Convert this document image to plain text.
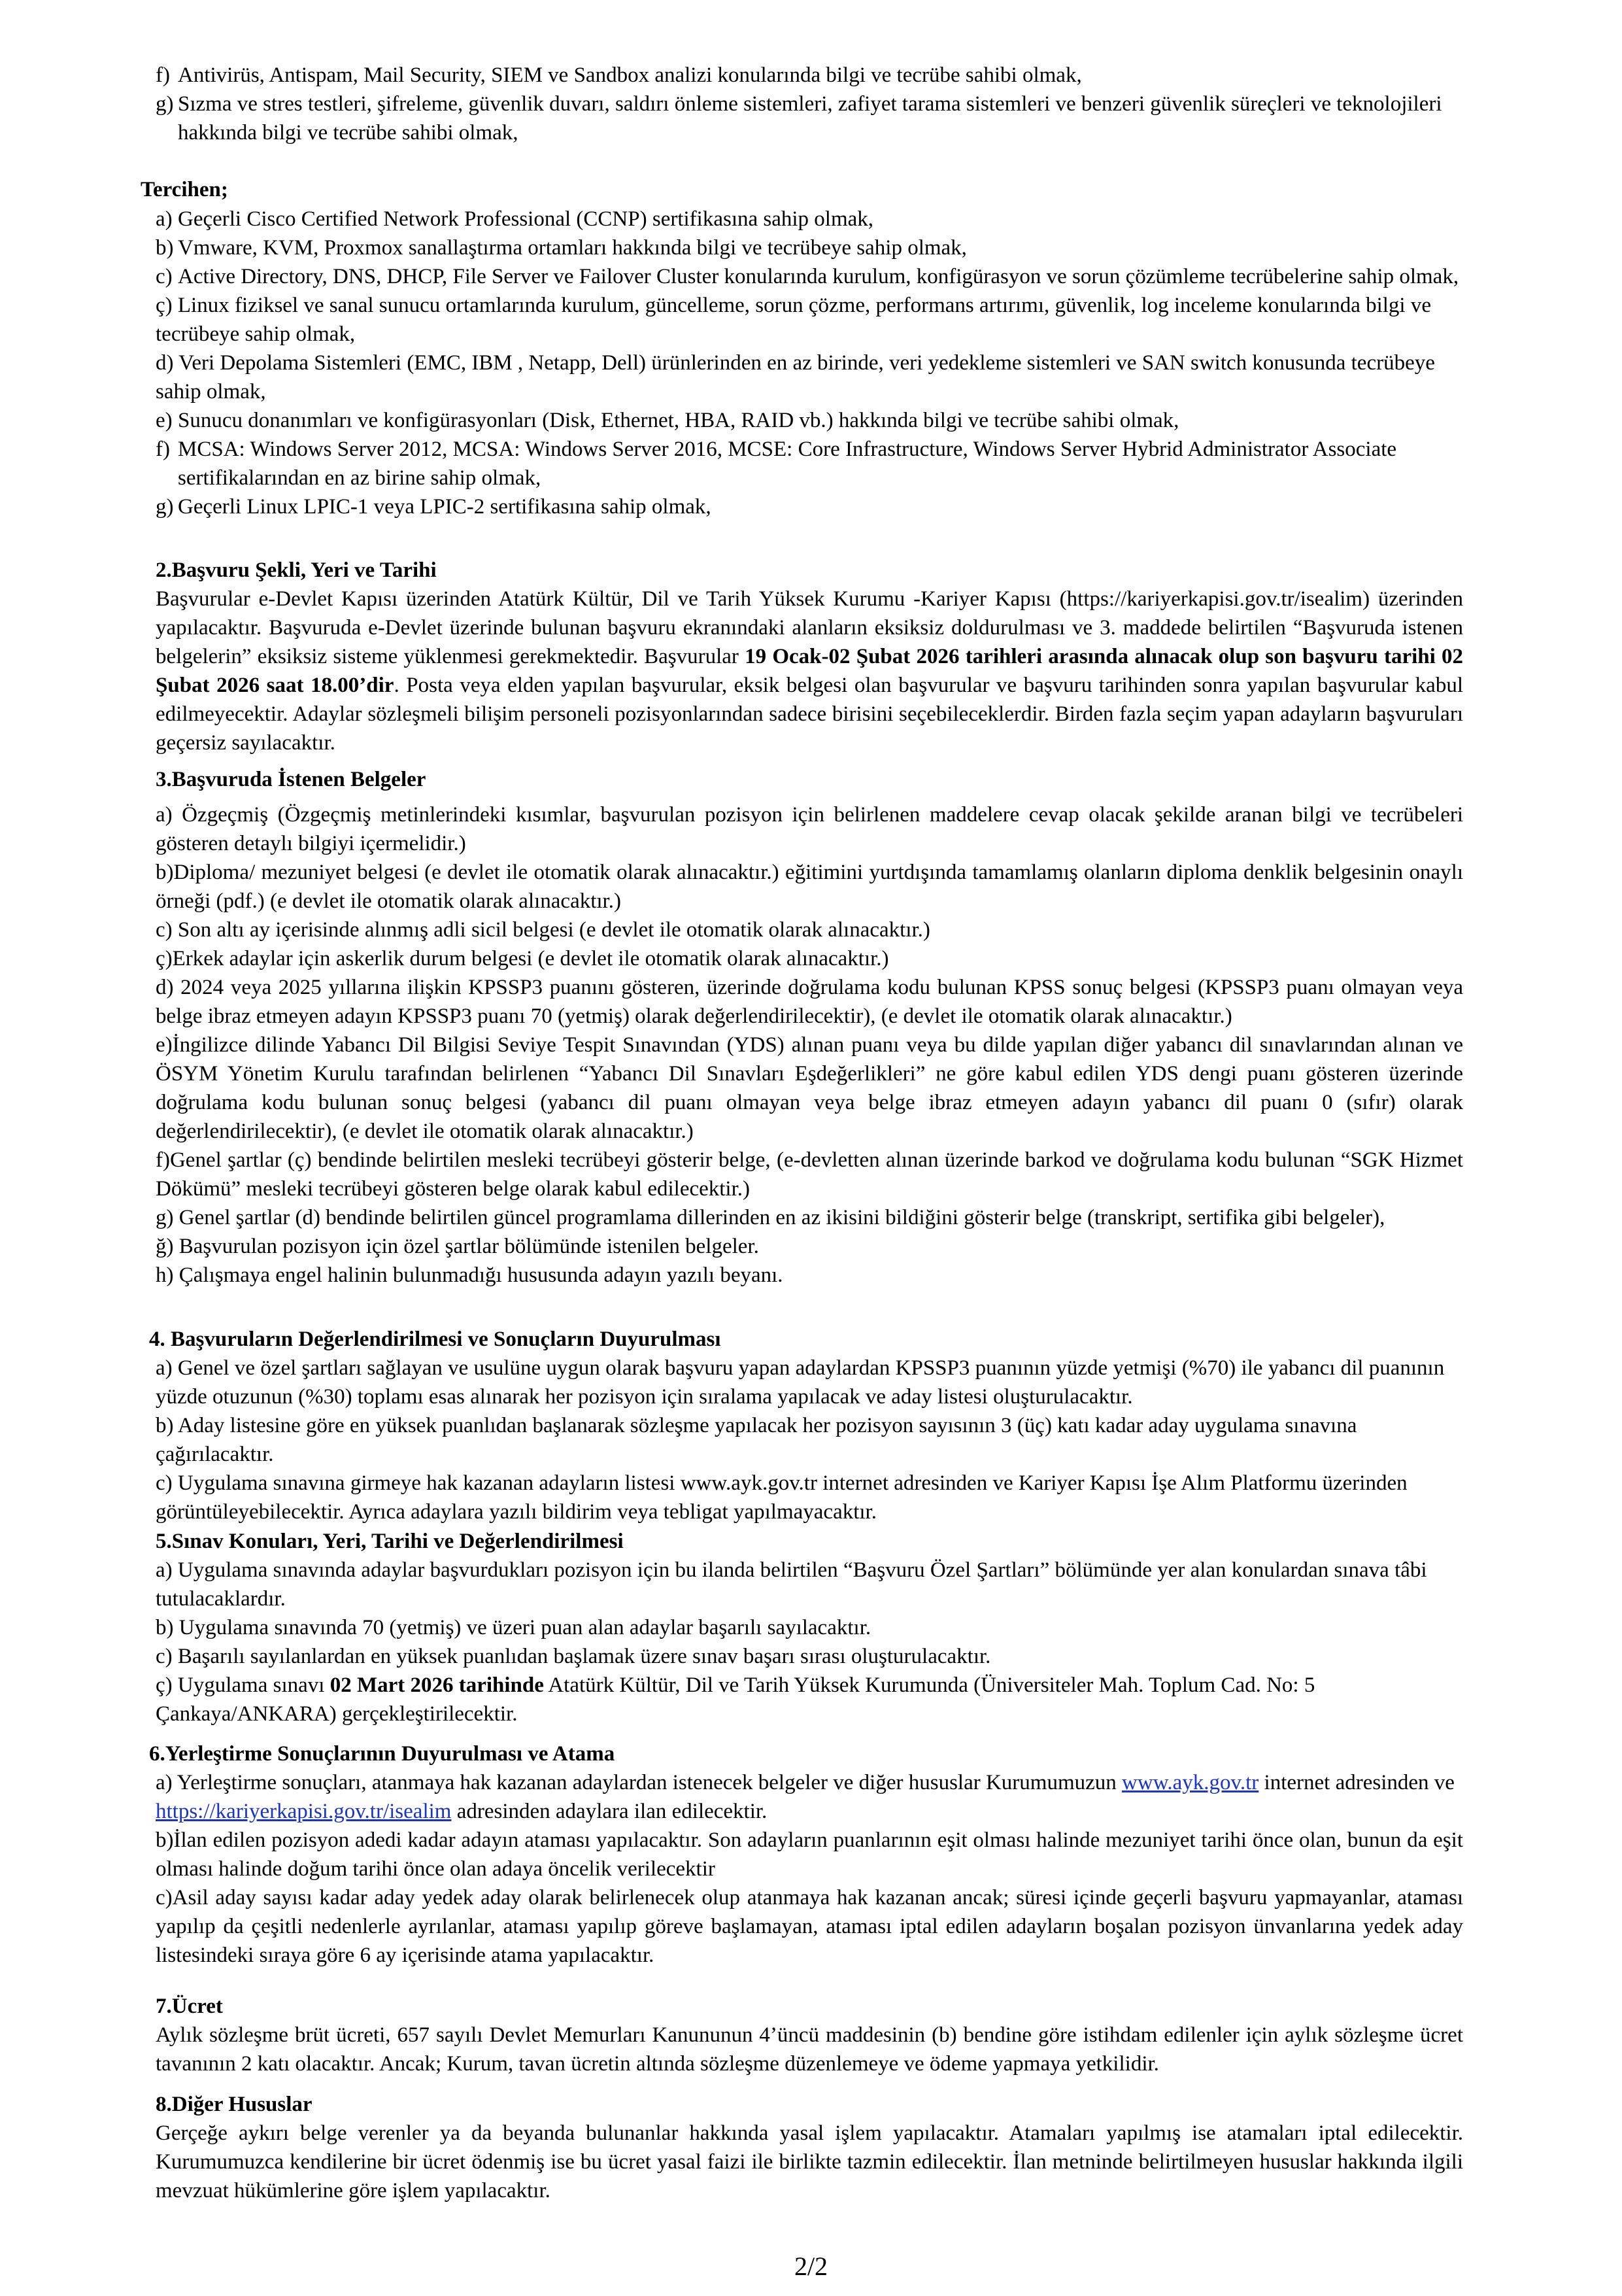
f) Antivirüs, Antispam, Mail Security, SIEM ve Sandbox analizi konularında bilgi ve tecrübe sahibi olmak,
g) Sızma ve stres testleri, şifreleme, güvenlik duvarı, saldırı önleme sistemleri, zafiyet tarama sistemleri ve benzeri güvenlik süreçleri ve teknolojileri hakkında bilgi ve tecrübe sahibi olmak,
Tercihen;
a) Geçerli Cisco Certified Network Professional (CCNP) sertifikasına sahip olmak,
b) Vmware, KVM, Proxmox sanallaştırma ortamları hakkında bilgi ve tecrübeye sahip olmak,
c) Active Directory, DNS, DHCP, File Server ve Failover Cluster konularında kurulum, konfigürasyon ve sorun çözümleme tecrübelerine sahip olmak,
ç) Linux fiziksel ve sanal sunucu ortamlarında kurulum, güncelleme, sorun çözme, performans artırımı, güvenlik, log inceleme konularında bilgi ve tecrübeye sahip olmak,
d) Veri Depolama Sistemleri (EMC, IBM , Netapp, Dell) ürünlerinden en az birinde, veri yedekleme sistemleri ve SAN switch konusunda tecrübeye sahip olmak,
e) Sunucu donanımları ve konfigürasyonları (Disk, Ethernet, HBA, RAID vb.) hakkında bilgi ve tecrübe sahibi olmak,
f) MCSA: Windows Server 2012, MCSA: Windows Server 2016, MCSE: Core Infrastructure, Windows Server Hybrid Administrator Associate sertifikalarından en az birine sahip olmak,
g) Geçerli Linux LPIC-1 veya LPIC-2 sertifikasına sahip olmak,
2.Başvuru Şekli, Yeri ve Tarihi
Başvurular e-Devlet Kapısı üzerinden Atatürk Kültür, Dil ve Tarih Yüksek Kurumu -Kariyer Kapısı (https://kariyerkapisi.gov.tr/isealim) üzerinden yapılacaktır. Başvuruda e-Devlet üzerinde bulunan başvuru ekranındaki alanların eksiksiz doldurulması ve 3. maddede belirtilen “Başvuruda istenen belgelerin” eksiksiz sisteme yüklenmesi gerekmektedir. Başvurular 19 Ocak-02 Şubat 2026 tarihleri arasında alınacak olup son başvuru tarihi 02 Şubat 2026 saat 18.00’dir. Posta veya elden yapılan başvurular, eksik belgesi olan başvurular ve başvuru tarihinden sonra yapılan başvurular kabul edilmeyecektir. Adaylar sözleşmeli bilişim personeli pozisyonlarından sadece birisini seçebileceklerdir. Birden fazla seçim yapan adayların başvuruları geçersiz sayılacaktır.
3.Başvuruda İstenen Belgeler
a) Özgeçmiş (Özgeçmiş metinlerindeki kısımlar, başvurulan pozisyon için belirlenen maddelere cevap olacak şekilde aranan bilgi ve tecrübeleri gösteren detaylı bilgiyi içermelidir.)
b)Diploma/ mezuniyet belgesi (e devlet ile otomatik olarak alınacaktır.) eğitimini yurtdışında tamamlamış olanların diploma denklik belgesinin onaylı örneği (pdf.) (e devlet ile otomatik olarak alınacaktır.)
c) Son altı ay içerisinde alınmış adli sicil belgesi (e devlet ile otomatik olarak alınacaktır.)
ç)Erkek adaylar için askerlik durum belgesi (e devlet ile otomatik olarak alınacaktır.)
d) 2024 veya 2025 yıllarına ilişkin KPSSP3 puanını gösteren, üzerinde doğrulama kodu bulunan KPSS sonuç belgesi (KPSSP3 puanı olmayan veya belge ibraz etmeyen adayın KPSSP3 puanı 70 (yetmiş) olarak değerlendirilecektir), (e devlet ile otomatik olarak alınacaktır.)
e)İngilizce dilinde Yabancı Dil Bilgisi Seviye Tespit Sınavından (YDS) alınan puanı veya bu dilde yapılan diğer yabancı dil sınavlarından alınan ve ÖSYM Yönetim Kurulu tarafından belirlenen “Yabancı Dil Sınavları Eşdeğerlikleri” ne göre kabul edilen YDS dengi puanı gösteren üzerinde doğrulama kodu bulunan sonuç belgesi (yabancı dil puanı olmayan veya belge ibraz etmeyen adayın yabancı dil puanı 0 (sıfır) olarak değerlendirilecektir), (e devlet ile otomatik olarak alınacaktır.)
f)Genel şartlar (ç) bendinde belirtilen mesleki tecrübeyi gösterir belge, (e-devletten alınan üzerinde barkod ve doğrulama kodu bulunan “SGK Hizmet Dökümü” mesleki tecrübeyi gösteren belge olarak kabul edilecektir.)
g) Genel şartlar (d) bendinde belirtilen güncel programlama dillerinden en az ikisini bildiğini gösterir belge (transkript, sertifika gibi belgeler),
ğ) Başvurulan pozisyon için özel şartlar bölümünde istenilen belgeler.
h) Çalışmaya engel halinin bulunmadığı hususunda adayın yazılı beyanı.
4. Başvuruların Değerlendirilmesi ve Sonuçların Duyurulması
a) Genel ve özel şartları sağlayan ve usulüne uygun olarak başvuru yapan adaylardan KPSSP3 puanının yüzde yetmişi (%70) ile yabancı dil puanının yüzde otuzunun (%30) toplamı esas alınarak her pozisyon için sıralama yapılacak ve aday listesi oluşturulacaktır.
b) Aday listesine göre en yüksek puanlıdan başlanarak sözleşme yapılacak her pozisyon sayısının 3 (üç) katı kadar aday uygulama sınavına çağırılacaktır.
c) Uygulama sınavına girmeye hak kazanan adayların listesi www.ayk.gov.tr internet adresinden ve Kariyer Kapısı İşe Alım Platformu üzerinden görüntüleyebilecektir. Ayrıca adaylara yazılı bildirim veya tebligat yapılmayacaktır.
5.Sınav Konuları, Yeri, Tarihi ve Değerlendirilmesi
a) Uygulama sınavında adaylar başvurdukları pozisyon için bu ilanda belirtilen “Başvuru Özel Şartları” bölümünde yer alan konulardan sınava tâbi tutulacaklardır.
b) Uygulama sınavında 70 (yetmiş) ve üzeri puan alan adaylar başarılı sayılacaktır.
c) Başarılı sayılanlardan en yüksek puanlıdan başlamak üzere sınav başarı sırası oluşturulacaktır.
ç) Uygulama sınavı 02 Mart 2026 tarihinde Atatürk Kültür, Dil ve Tarih Yüksek Kurumunda (Üniversiteler Mah. Toplum Cad. No: 5 Çankaya/ANKARA) gerçekleştirilecektir.
6.Yerleştirme Sonuçlarının Duyurulması ve Atama
a) Yerleştirme sonuçları, atanmaya hak kazanan adaylardan istenecek belgeler ve diğer hususlar Kurumumuzun www.ayk.gov.tr internet adresinden ve https://kariyerkapisi.gov.tr/isealim adresinden adaylara ilan edilecektir.
b)İlan edilen pozisyon adedi kadar adayın ataması yapılacaktır. Son adayların puanlarının eşit olması halinde mezuniyet tarihi önce olan, bunun da eşit olması halinde doğum tarihi önce olan adaya öncelik verilecektir
c)Asil aday sayısı kadar aday yedek aday olarak belirlenecek olup atanmaya hak kazanan ancak; süresi içinde geçerli başvuru yapmayanlar, ataması yapılıp da çeşitli nedenlerle ayrılanlar, ataması yapılıp göreve başlamayan, ataması iptal edilen adayların boşalan pozisyon ünvanlarına yedek aday listesindeki sıraya göre 6 ay içerisinde atama yapılacaktır.
7.Ücret
Aylık sözleşme brüt ücreti, 657 sayılı Devlet Memurları Kanununun 4’üncü maddesinin (b) bendine göre istihdam edilenler için aylık sözleşme ücret tavanının 2 katı olacaktır. Ancak; Kurum, tavan ücretin altında sözleşme düzenlemeye ve ödeme yapmaya yetkilidir.
8.Diğer Hususlar
Gerçeğe aykırı belge verenler ya da beyanda bulunanlar hakkında yasal işlem yapılacaktır. Atamaları yapılmış ise atamaları iptal edilecektir. Kurumumuzca kendilerine bir ücret ödenmiş ise bu ücret yasal faizi ile birlikte tazmin edilecektir. İlan metninde belirtilmeyen hususlar hakkında ilgili mevzuat hükümlerine göre işlem yapılacaktır.
2/2
